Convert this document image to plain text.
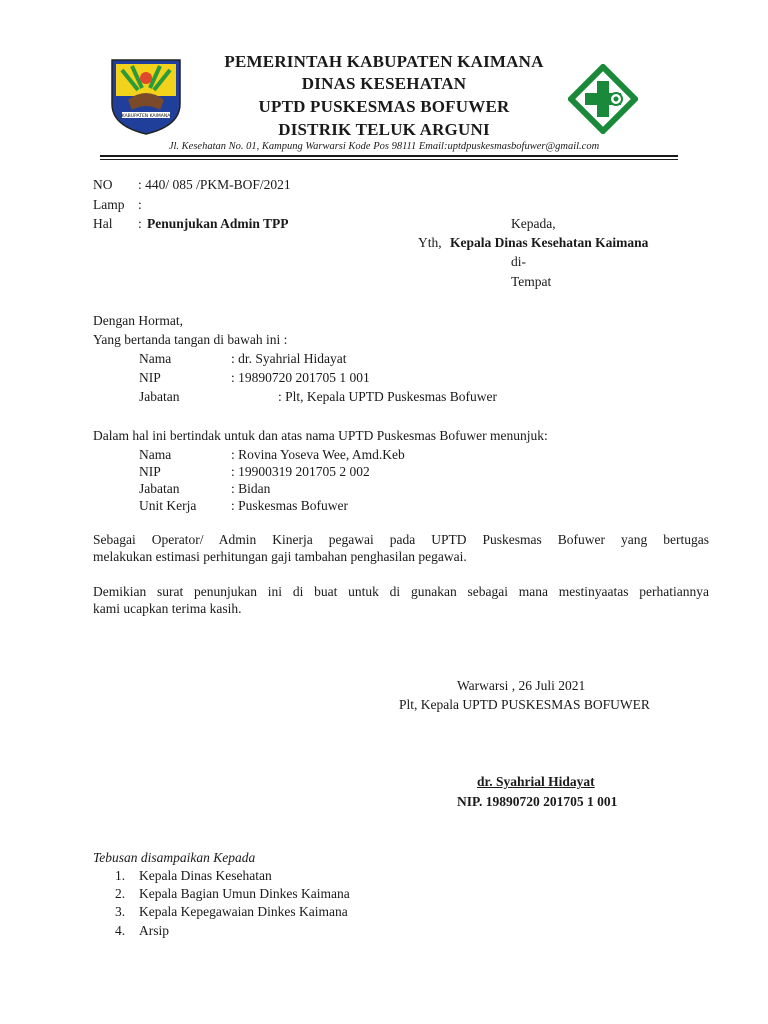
KABUPATEN KAIMANA
PEMERINTAH KABUPATEN KAIMANA
DINAS KESEHATAN
UPTD PUSKESMAS BOFUWER
DISTRIK TELUK ARGUNI
Jl. Kesehatan No. 01, Kampung Warwarsi Kode Pos 98111 Email:uptdpuskesmasbofuwer@gmail.com
NO : 440/ 085 /PKM-BOF/2021
Lamp :
Hal : Penunjukan Admin TPP	Kepada,
Yth, Kepala Dinas Kesehatan Kaimana
di-
Tempat
Dengan Hormat,
Yang bertanda tangan di bawah ini :
Nama	: dr. Syahrial Hidayat
NIP	: 19890720 201705 1 001
Jabatan	: Plt, Kepala UPTD Puskesmas Bofuwer
Dalam hal ini bertindak untuk dan atas nama UPTD Puskesmas Bofuwer menunjuk:
Nama	: Rovina Yoseva Wee, Amd.Keb
NIP	: 19900319 201705 2 002
Jabatan	: Bidan
Unit Kerja	: Puskesmas Bofuwer
Sebagai Operator/ Admin Kinerja pegawai pada UPTD Puskesmas Bofuwer yang bertugas
melakukan estimasi perhitungan gaji tambahan penghasilan pegawai.
Demikian surat penunjukan ini di buat untuk di gunakan sebagai mana mestinyaatas perhatiannya
kami ucapkan terima kasih.
Warwarsi , 26 Juli 2021
Plt, Kepala UPTD PUSKESMAS BOFUWER
dr. Syahrial Hidayat
NIP. 19890720 201705 1 001
Tebusan disampaikan Kepada
1. Kepala Dinas Kesehatan
2. Kepala Bagian Umun Dinkes Kaimana
3. Kepala Kepegawaian Dinkes Kaimana
4. Arsip
